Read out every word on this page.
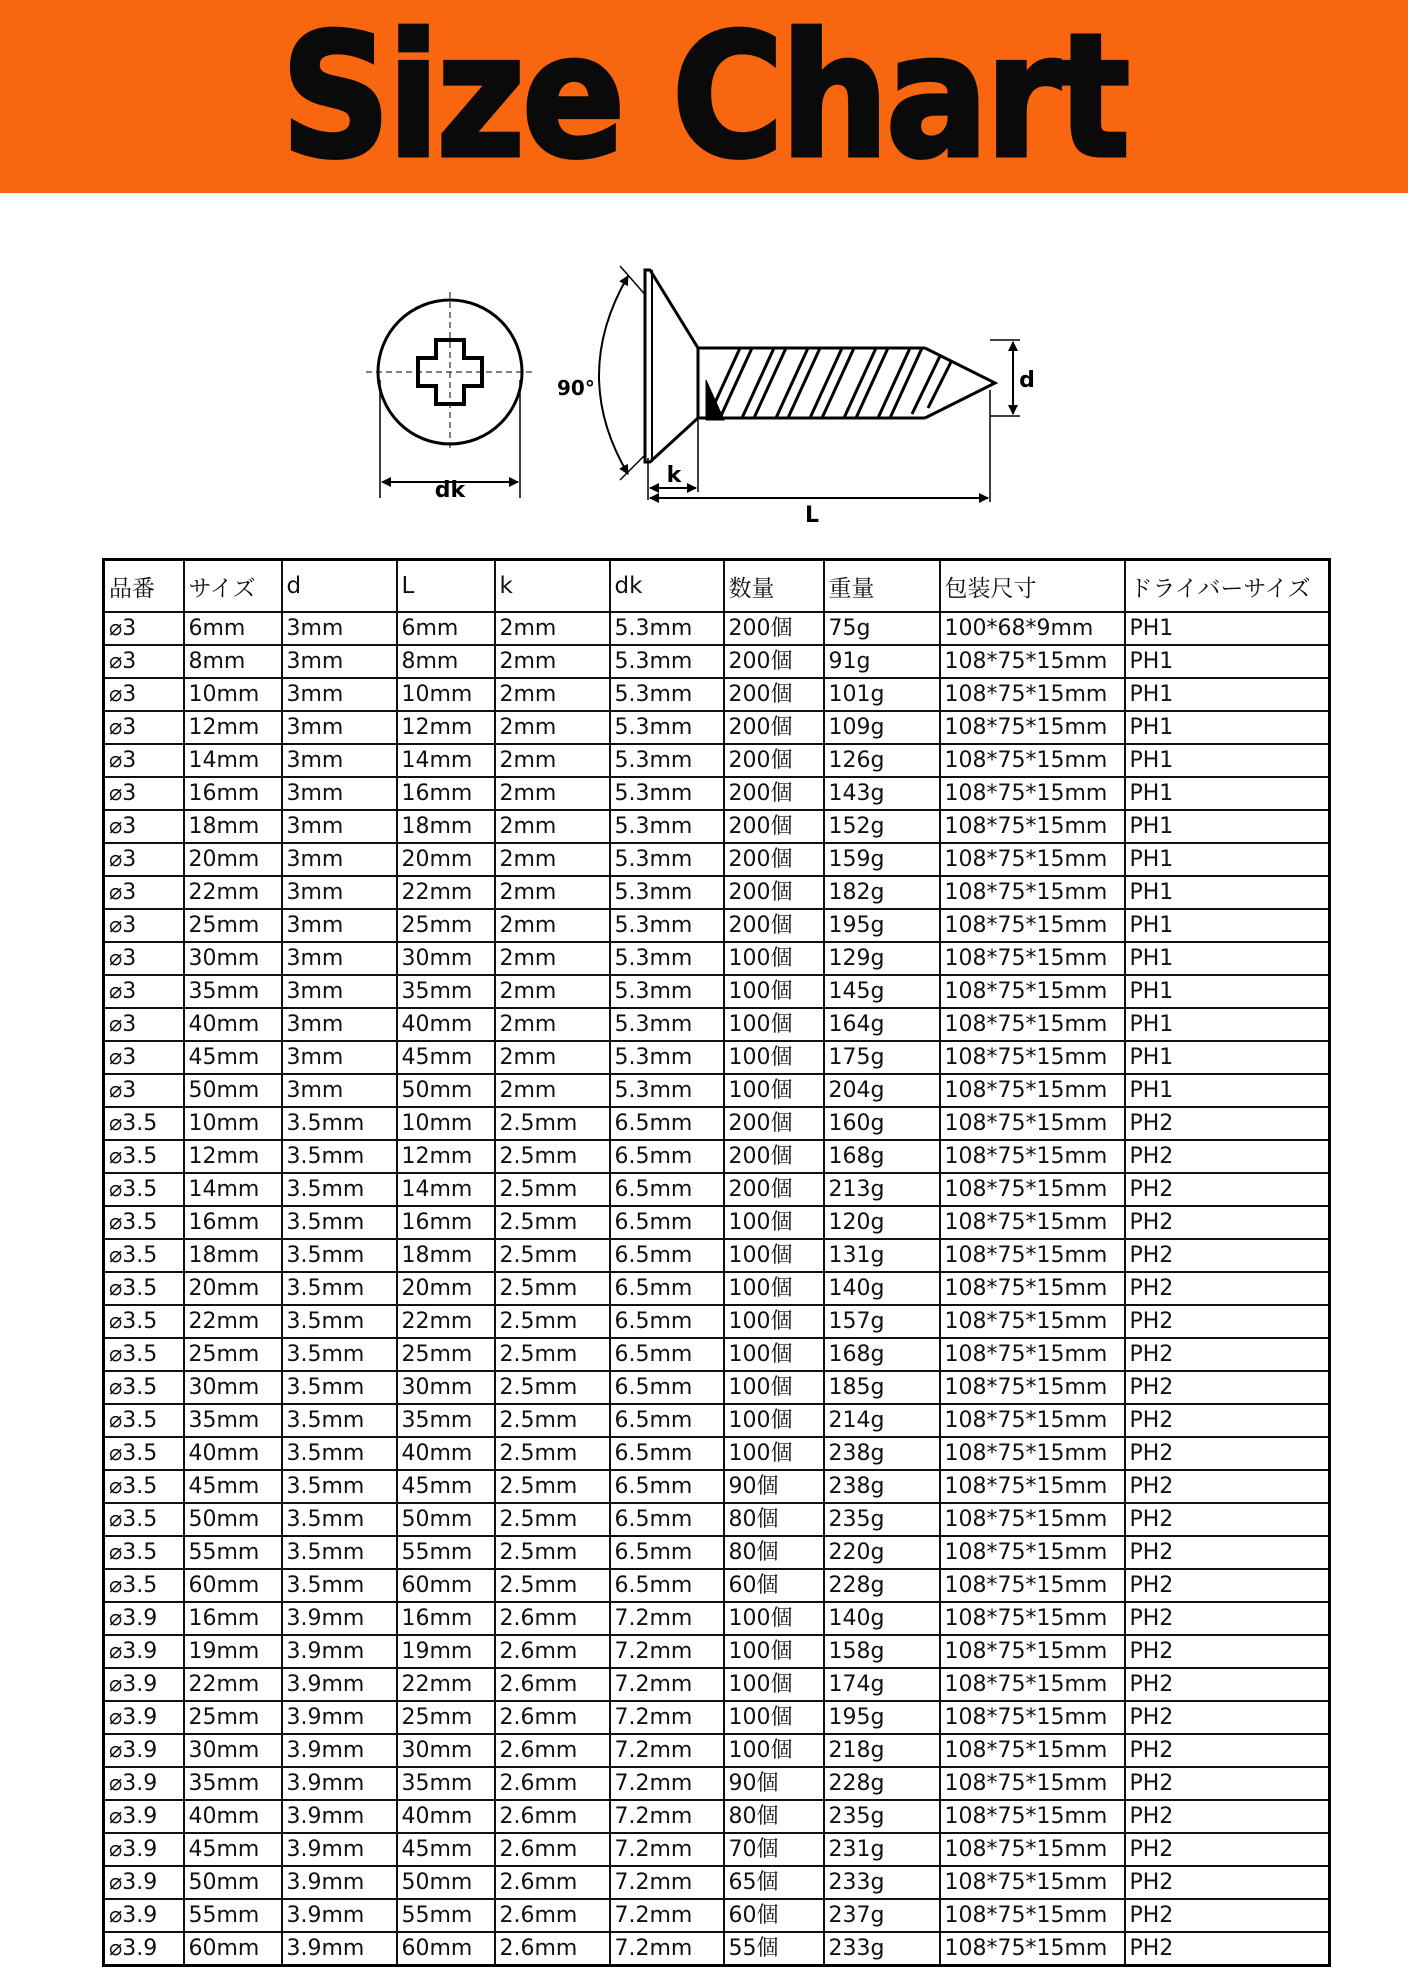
Size Chart
dk
90°
k
L
d
品番	サイズ	d	L	k	dk	数量	重量	包装尺寸	ドライバーサイズ
⌀3	6mm	3mm	6mm	2mm	5.3mm	200個	75g	100*68*9mm	PH1
⌀3	8mm	3mm	8mm	2mm	5.3mm	200個	91g	108*75*15mm	PH1
⌀3	10mm	3mm	10mm	2mm	5.3mm	200個	101g	108*75*15mm	PH1
⌀3	12mm	3mm	12mm	2mm	5.3mm	200個	109g	108*75*15mm	PH1
⌀3	14mm	3mm	14mm	2mm	5.3mm	200個	126g	108*75*15mm	PH1
⌀3	16mm	3mm	16mm	2mm	5.3mm	200個	143g	108*75*15mm	PH1
⌀3	18mm	3mm	18mm	2mm	5.3mm	200個	152g	108*75*15mm	PH1
⌀3	20mm	3mm	20mm	2mm	5.3mm	200個	159g	108*75*15mm	PH1
⌀3	22mm	3mm	22mm	2mm	5.3mm	200個	182g	108*75*15mm	PH1
⌀3	25mm	3mm	25mm	2mm	5.3mm	200個	195g	108*75*15mm	PH1
⌀3	30mm	3mm	30mm	2mm	5.3mm	100個	129g	108*75*15mm	PH1
⌀3	35mm	3mm	35mm	2mm	5.3mm	100個	145g	108*75*15mm	PH1
⌀3	40mm	3mm	40mm	2mm	5.3mm	100個	164g	108*75*15mm	PH1
⌀3	45mm	3mm	45mm	2mm	5.3mm	100個	175g	108*75*15mm	PH1
⌀3	50mm	3mm	50mm	2mm	5.3mm	100個	204g	108*75*15mm	PH1
⌀3.5	10mm	3.5mm	10mm	2.5mm	6.5mm	200個	160g	108*75*15mm	PH2
⌀3.5	12mm	3.5mm	12mm	2.5mm	6.5mm	200個	168g	108*75*15mm	PH2
⌀3.5	14mm	3.5mm	14mm	2.5mm	6.5mm	200個	213g	108*75*15mm	PH2
⌀3.5	16mm	3.5mm	16mm	2.5mm	6.5mm	100個	120g	108*75*15mm	PH2
⌀3.5	18mm	3.5mm	18mm	2.5mm	6.5mm	100個	131g	108*75*15mm	PH2
⌀3.5	20mm	3.5mm	20mm	2.5mm	6.5mm	100個	140g	108*75*15mm	PH2
⌀3.5	22mm	3.5mm	22mm	2.5mm	6.5mm	100個	157g	108*75*15mm	PH2
⌀3.5	25mm	3.5mm	25mm	2.5mm	6.5mm	100個	168g	108*75*15mm	PH2
⌀3.5	30mm	3.5mm	30mm	2.5mm	6.5mm	100個	185g	108*75*15mm	PH2
⌀3.5	35mm	3.5mm	35mm	2.5mm	6.5mm	100個	214g	108*75*15mm	PH2
⌀3.5	40mm	3.5mm	40mm	2.5mm	6.5mm	100個	238g	108*75*15mm	PH2
⌀3.5	45mm	3.5mm	45mm	2.5mm	6.5mm	90個	238g	108*75*15mm	PH2
⌀3.5	50mm	3.5mm	50mm	2.5mm	6.5mm	80個	235g	108*75*15mm	PH2
⌀3.5	55mm	3.5mm	55mm	2.5mm	6.5mm	80個	220g	108*75*15mm	PH2
⌀3.5	60mm	3.5mm	60mm	2.5mm	6.5mm	60個	228g	108*75*15mm	PH2
⌀3.9	16mm	3.9mm	16mm	2.6mm	7.2mm	100個	140g	108*75*15mm	PH2
⌀3.9	19mm	3.9mm	19mm	2.6mm	7.2mm	100個	158g	108*75*15mm	PH2
⌀3.9	22mm	3.9mm	22mm	2.6mm	7.2mm	100個	174g	108*75*15mm	PH2
⌀3.9	25mm	3.9mm	25mm	2.6mm	7.2mm	100個	195g	108*75*15mm	PH2
⌀3.9	30mm	3.9mm	30mm	2.6mm	7.2mm	100個	218g	108*75*15mm	PH2
⌀3.9	35mm	3.9mm	35mm	2.6mm	7.2mm	90個	228g	108*75*15mm	PH2
⌀3.9	40mm	3.9mm	40mm	2.6mm	7.2mm	80個	235g	108*75*15mm	PH2
⌀3.9	45mm	3.9mm	45mm	2.6mm	7.2mm	70個	231g	108*75*15mm	PH2
⌀3.9	50mm	3.9mm	50mm	2.6mm	7.2mm	65個	233g	108*75*15mm	PH2
⌀3.9	55mm	3.9mm	55mm	2.6mm	7.2mm	60個	237g	108*75*15mm	PH2
⌀3.9	60mm	3.9mm	60mm	2.6mm	7.2mm	55個	233g	108*75*15mm	PH2
